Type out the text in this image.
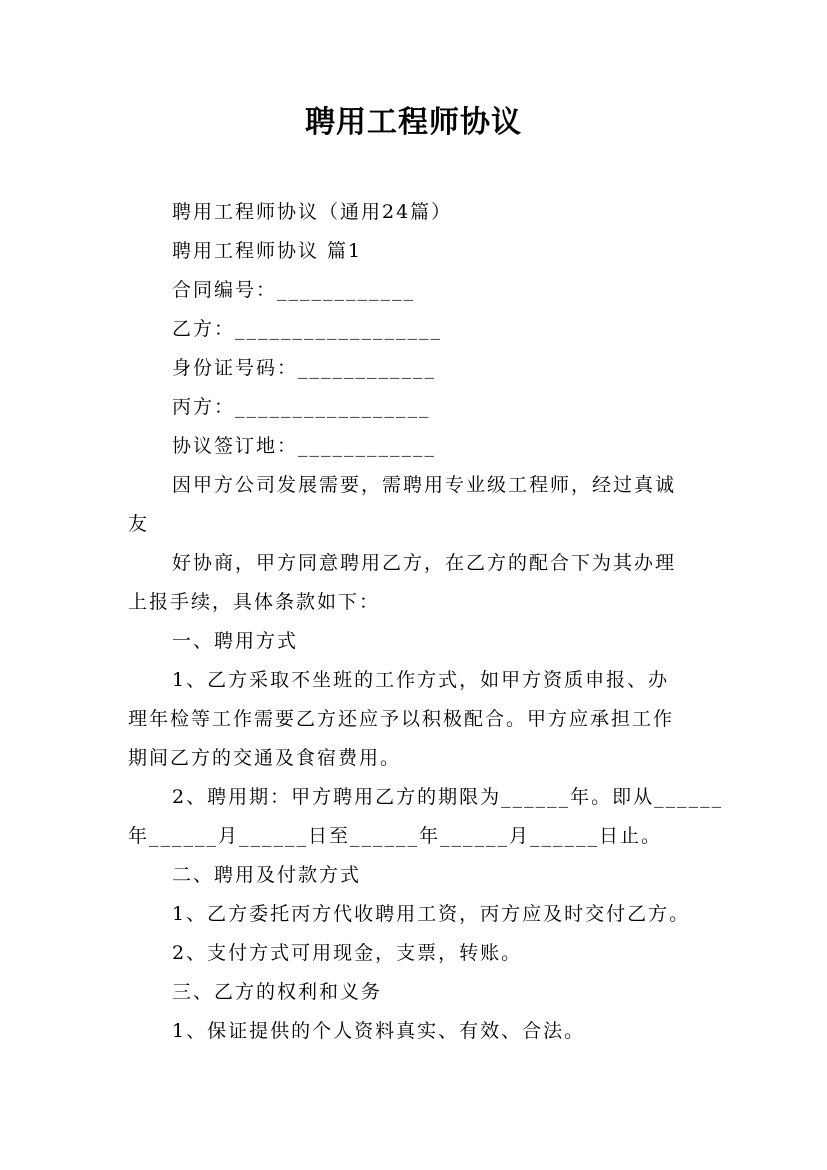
聘用工程师协议

聘用工程师协议（通用24篇）

聘用工程师协议 篇1

合同编号：____________

乙方：__________________

身份证号码：____________

丙方：_________________

协议签订地：____________

因甲方公司发展需要，需聘用专业级工程师，经过真诚

友

好协商，甲方同意聘用乙方，在乙方的配合下为其办理

上报手续，具体条款如下：

一、聘用方式

1、乙方采取不坐班的工作方式，如甲方资质申报、办

理年检等工作需要乙方还应予以积极配合。甲方应承担工作

期间乙方的交通及食宿费用。

2、聘用期：甲方聘用乙方的期限为______年。即从______

年______月______日至______年______月______日止。

二、聘用及付款方式

1、乙方委托丙方代收聘用工资，丙方应及时交付乙方。

2、支付方式可用现金，支票，转账。

三、乙方的权利和义务

1、保证提供的个人资料真实、有效、合法。
